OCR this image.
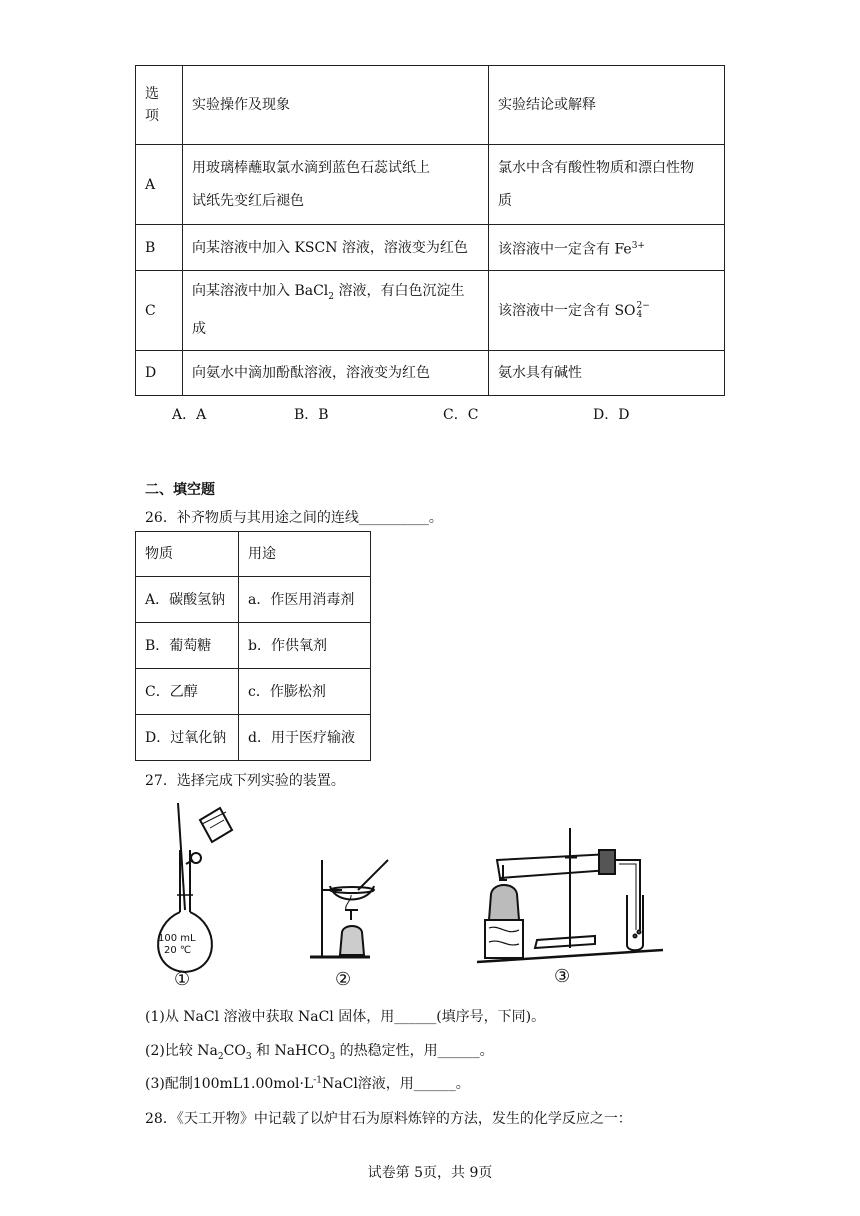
选
项	实验操作及现象	实验结论或解释
A	用玻璃棒蘸取氯水滴到蓝色石蕊试纸上
试纸先变红后褪色	氯水中含有酸性物质和漂白性物
质
B	向某溶液中加入 KSCN 溶液，溶液变为红色	该溶液中一定含有 $Fe^{3+}$
C	向某溶液中加入 BaCl$_2$ 溶液，有白色沉淀生
成	该溶液中一定含有 SO 2−
4

D	向氨水中滴加酚酞溶液，溶液变为红色	氨水具有碱性
A．A	B．B	C．C	D．D
二、填空题
26．补齐物质与其用途之间的连线__________。
物质	用途
A．碳酸氢钠	a．作医用消毒剂
B．葡萄糖	b．作供氧剂
C．乙醇	c．作膨松剂
D．过氧化钠	d．用于医疗输液
27．选择完成下列实验的装置。
100 mL
20 ℃
①	②	③
(1)从 NaCl 溶液中获取 NaCl 固体，用______(填序号，下同)。
(2)比较 $Na_2CO_3$ 和 NaHCO$_3$ 的热稳定性，用______。
(3)配制$100mL1.00mol\cdot L^{-1}NaCl$溶液，用______。
28．《天工开物》中记载了以炉甘石为原料炼锌的方法，发生的化学反应之一：
试卷第 5页，共 9页
